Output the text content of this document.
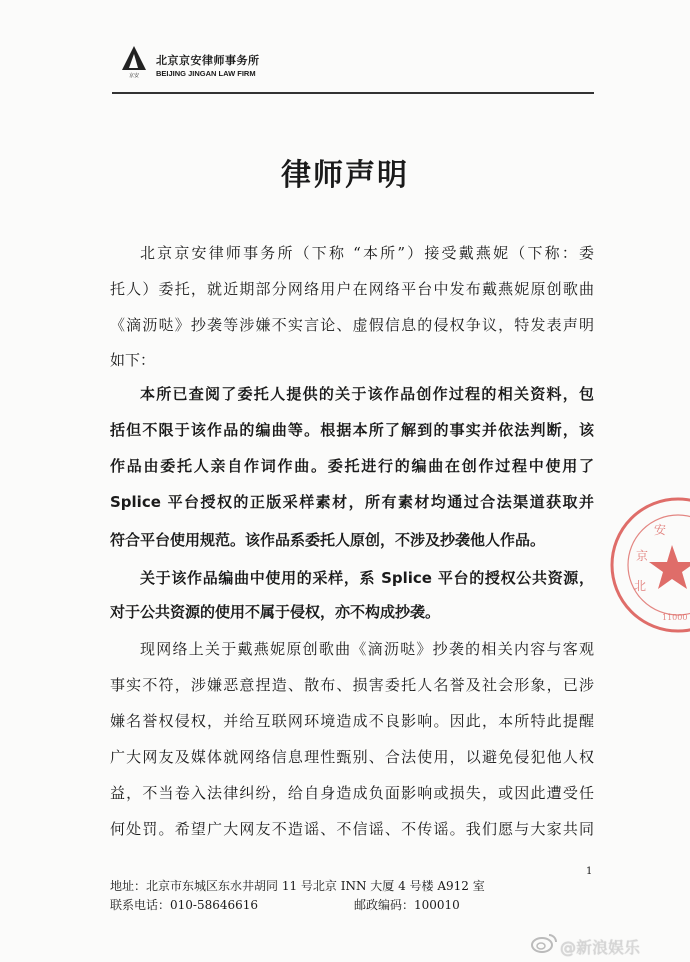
京安
北京京安律师事务所
BEIJING JINGAN LAW FIRM
律师声明
北京京安律师事务所（下称 “本所”）接受戴燕妮（下称：委
托人）委托，就近期部分网络用户在网络平台中发布戴燕妮原创歌曲
《滴沥哒》抄袭等涉嫌不实言论、虚假信息的侵权争议，特发表声明
如下：
本所已查阅了委托人提供的关于该作品创作过程的相关资料，包
括但不限于该作品的编曲等。根据本所了解到的事实并依法判断，该
作品由委托人亲自作词作曲。委托进行的编曲在创作过程中使用了
Splice 平台授权的正版采样素材，所有素材均通过合法渠道获取并
符合平台使用规范。该作品系委托人原创，不涉及抄袭他人作品。
关于该作品编曲中使用的采样，系 Splice 平台的授权公共资源，
对于公共资源的使用不属于侵权，亦不构成抄袭。
现网络上关于戴燕妮原创歌曲《滴沥哒》抄袭的相关内容与客观
事实不符，涉嫌恶意捏造、散布、损害委托人名誉及社会形象，已涉
嫌名誉权侵权，并给互联网环境造成不良影响。因此，本所特此提醒
广大网友及媒体就网络信息理性甄别、合法使用，以避免侵犯他人权
益，不当卷入法律纠纷，给自身造成负面影响或损失，或因此遭受任
何处罚。希望广大网友不造谣、不信谣、不传谣。我们愿与大家共同
京
安
北
11000
1
地址：北京市东城区东水井胡同 11 号北京 INN 大厦 4 号楼 A912 室
联系电话：010-58646616	邮政编码：100010
@新浪娱乐
